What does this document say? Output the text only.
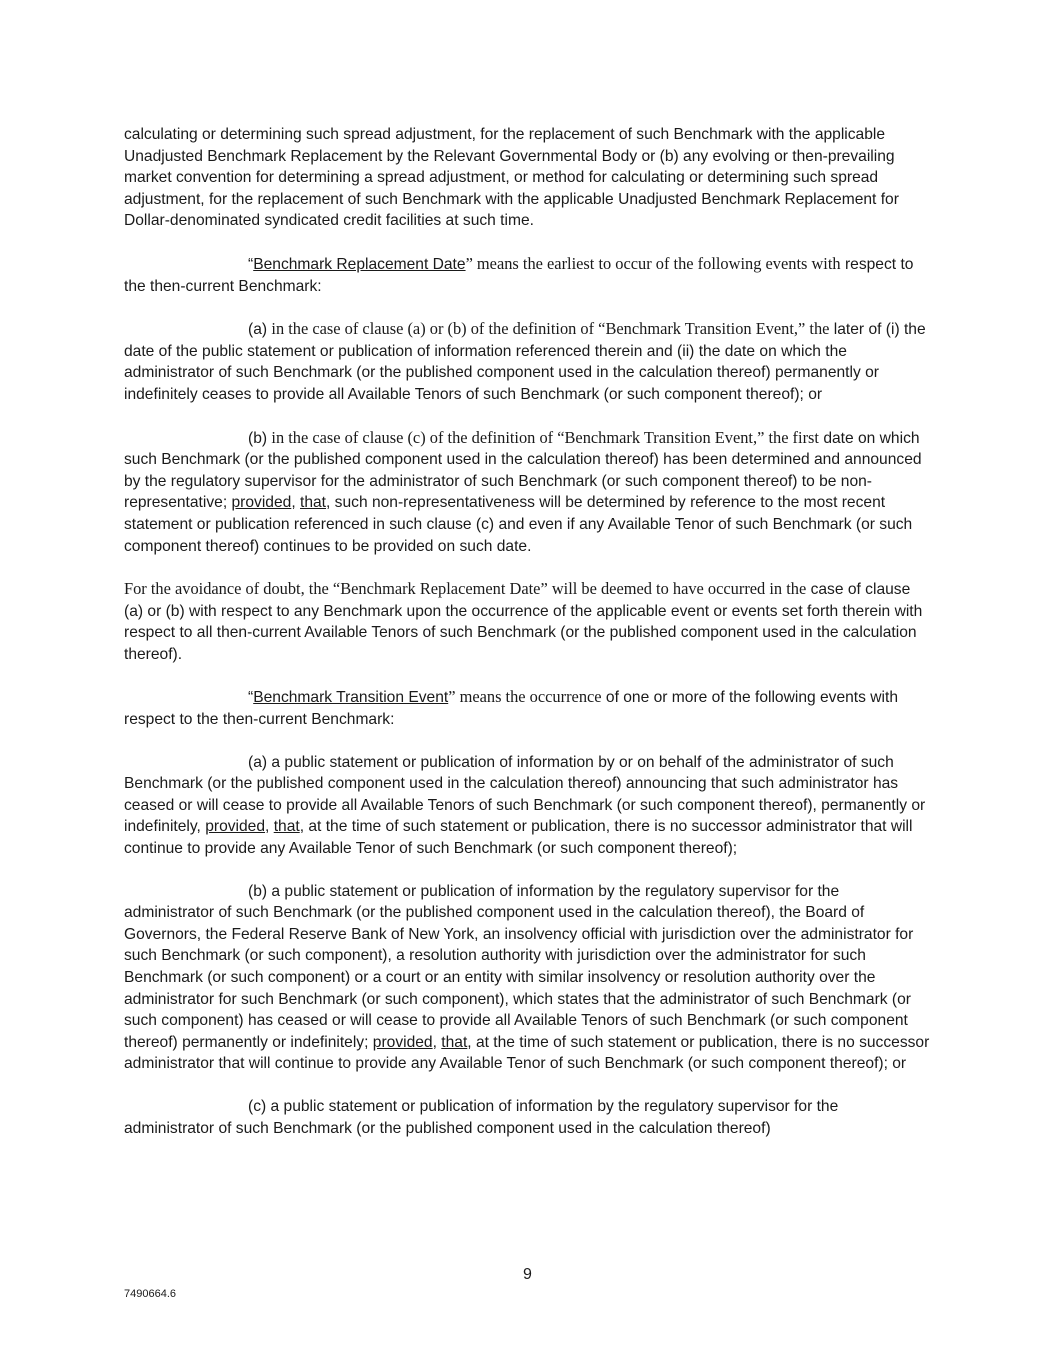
calculating or determining such spread adjustment, for the replacement of such Benchmark with the applicable Unadjusted Benchmark Replacement by the Relevant Governmental Body or (b) any evolving or then-prevailing market convention for determining a spread adjustment, or method for calculating or determining such spread adjustment, for the replacement of such Benchmark with the applicable Unadjusted Benchmark Replacement for Dollar-denominated syndicated credit facilities at such time.

“Benchmark Replacement Date” means the earliest to occur of the following events with respect to the then-current Benchmark:

(a) in the case of clause (a) or (b) of the definition of “Benchmark Transition Event,” the later of (i) the date of the public statement or publication of information referenced therein and (ii) the date on which the administrator of such Benchmark (or the published component used in the calculation thereof) permanently or indefinitely ceases to provide all Available Tenors of such Benchmark (or such component thereof); or

(b) in the case of clause (c) of the definition of “Benchmark Transition Event,” the first date on which such Benchmark (or the published component used in the calculation thereof) has been determined and announced by the regulatory supervisor for the administrator of such Benchmark (or such component thereof) to be non-representative; provided, that, such non-representativeness will be determined by reference to the most recent statement or publication referenced in such clause (c) and even if any Available Tenor of such Benchmark (or such component thereof) continues to be provided on such date.

For the avoidance of doubt, the “Benchmark Replacement Date” will be deemed to have occurred in the case of clause (a) or (b) with respect to any Benchmark upon the occurrence of the applicable event or events set forth therein with respect to all then-current Available Tenors of such Benchmark (or the published component used in the calculation thereof).

“Benchmark Transition Event” means the occurrence of one or more of the following events with respect to the then-current Benchmark:

(a) a public statement or publication of information by or on behalf of the administrator of such Benchmark (or the published component used in the calculation thereof) announcing that such administrator has ceased or will cease to provide all Available Tenors of such Benchmark (or such component thereof), permanently or indefinitely, provided, that, at the time of such statement or publication, there is no successor administrator that will continue to provide any Available Tenor of such Benchmark (or such component thereof);

(b) a public statement or publication of information by the regulatory supervisor for the administrator of such Benchmark (or the published component used in the calculation thereof), the Board of Governors, the Federal Reserve Bank of New York, an insolvency official with jurisdiction over the administrator for such Benchmark (or such component), a resolution authority with jurisdiction over the administrator for such Benchmark (or such component) or a court or an entity with similar insolvency or resolution authority over the administrator for such Benchmark (or such component), which states that the administrator of such Benchmark (or such component) has ceased or will cease to provide all Available Tenors of such Benchmark (or such component thereof) permanently or indefinitely; provided, that, at the time of such statement or publication, there is no successor administrator that will continue to provide any Available Tenor of such Benchmark (or such component thereof); or

(c) a public statement or publication of information by the regulatory supervisor for the administrator of such Benchmark (or the published component used in the calculation thereof)

9
7490664.6
